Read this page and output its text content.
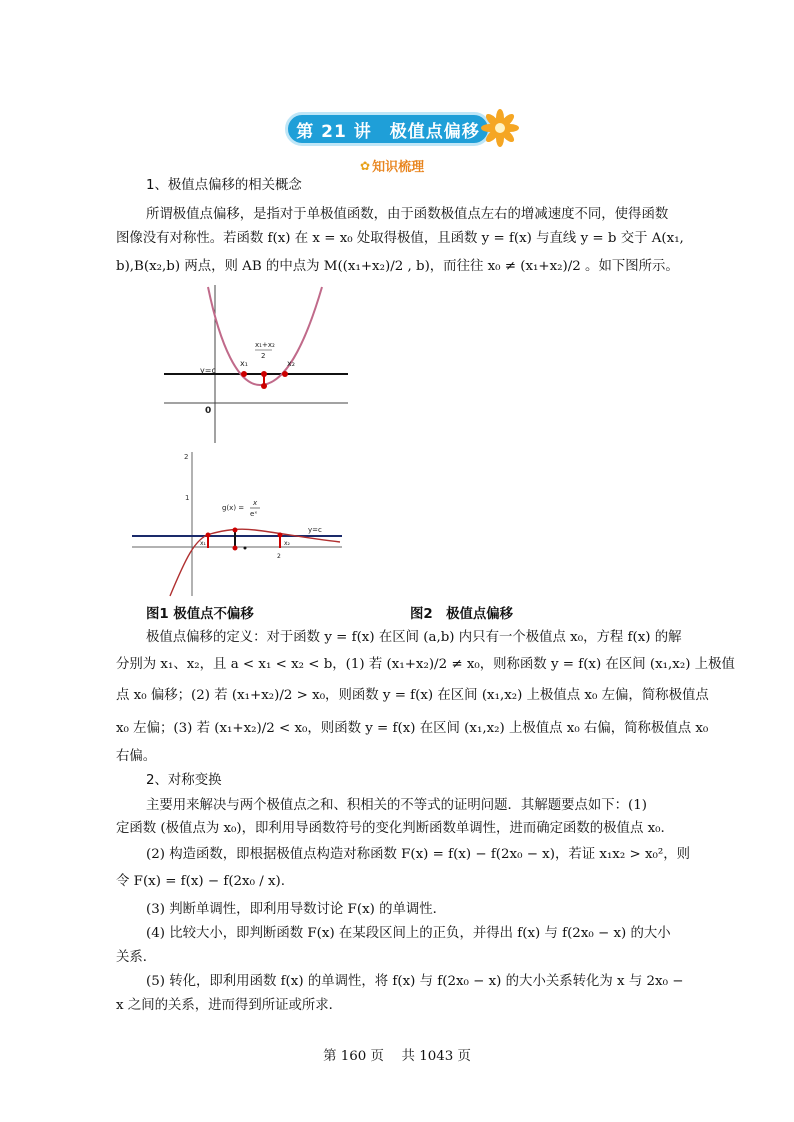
第 21 讲　极值点偏移
✿ 知识梳理
1、极值点偏移的相关概念
所谓极值点偏移，是指对于单极值函数，由于函数极值点左右的增减速度不同，使得函数
图像没有对称性。若函数 f(x) 在 x = x₀ 处取得极值，且函数 y = f(x) 与直线 y = b 交于 A(x₁,
b),B(x₂,b) 两点，则 AB 的中点为 M((x₁+x₂)/2 , b)，而往往 x₀ ≠ (x₁+x₂)/2 。如下图所示。
y=c
x₁	x₂
x₁+x₂
2
0
2
1
g(x) =
x
eˣ
y=c
x₁	x₂
2
图1 极值点不偏移	图2　极值点偏移
极值点偏移的定义：对于函数 y = f(x) 在区间 (a,b) 内只有一个极值点 x₀，方程 f(x) 的解
分别为 x₁、x₂，且 a < x₁ < x₂ < b，(1) 若 (x₁+x₂)/2 ≠ x₀，则称函数 y = f(x) 在区间 (x₁,x₂) 上极值
点 x₀ 偏移；(2) 若 (x₁+x₂)/2 > x₀，则函数 y = f(x) 在区间 (x₁,x₂) 上极值点 x₀ 左偏，简称极值点
x₀ 左偏；(3) 若 (x₁+x₂)/2 < x₀，则函数 y = f(x) 在区间 (x₁,x₂) 上极值点 x₀ 右偏，简称极值点 x₀
右偏。
2、对称变换
主要用来解决与两个极值点之和、积相关的不等式的证明问题．其解题要点如下：(1)
定函数 (极值点为 x₀)，即利用导函数符号的变化判断函数单调性，进而确定函数的极值点 x₀.
(2) 构造函数，即根据极值点构造对称函数 F(x) = f(x) − f(2x₀ − x)，若证 x₁x₂ > x₀²，则
令 F(x) = f(x) − f(2x₀ / x).
(3) 判断单调性，即利用导数讨论 F(x) 的单调性．
(4) 比较大小，即判断函数 F(x) 在某段区间上的正负，并得出 f(x) 与 f(2x₀ − x) 的大小
关系．
(5) 转化，即利用函数 f(x) 的单调性，将 f(x) 与 f(2x₀ − x) 的大小关系转化为 x 与 2x₀ −
x 之间的关系，进而得到所证或所求．
第 160 页　 共 1043 页
